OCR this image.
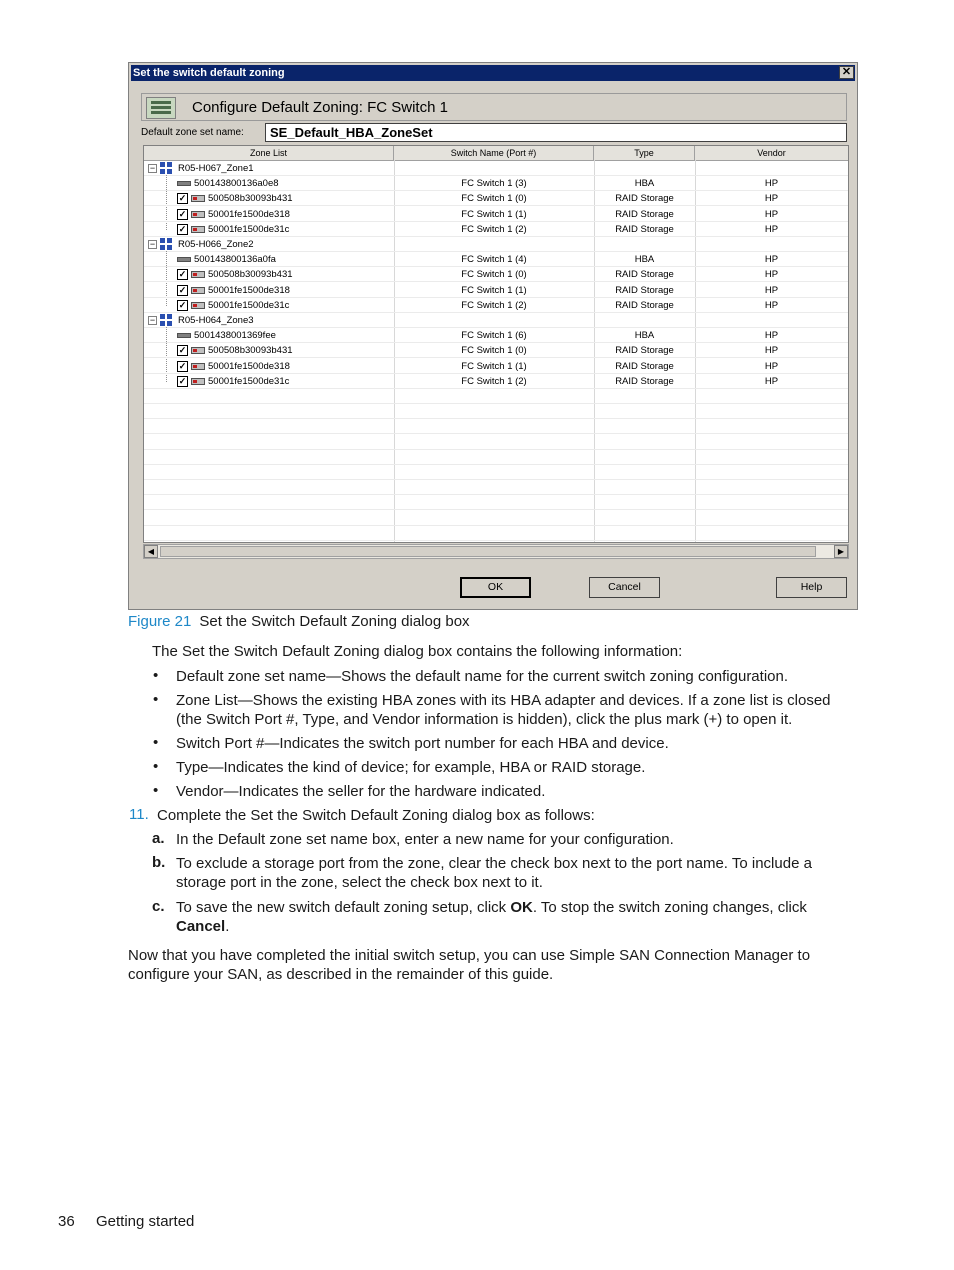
Set the switch default zoning	✕
Configure Default Zoning: FC Switch 1
Default zone set name:	SE_Default_HBA_ZoneSet
Zone List	Switch Name (Port #)	Type	Vendor
− R05-H067_Zone1
500143800136a0e8	FC Switch 1 (3)	HBA	HP
✓ 500508b30093b431	FC Switch 1 (0)	RAID Storage	HP
✓ 50001fe1500de318	FC Switch 1 (1)	RAID Storage	HP
✓ 50001fe1500de31c	FC Switch 1 (2)	RAID Storage	HP
− R05-H066_Zone2
500143800136a0fa	FC Switch 1 (4)	HBA	HP
✓ 500508b30093b431	FC Switch 1 (0)	RAID Storage	HP
✓ 50001fe1500de318	FC Switch 1 (1)	RAID Storage	HP
✓ 50001fe1500de31c	FC Switch 1 (2)	RAID Storage	HP
− R05-H064_Zone3
5001438001369fee	FC Switch 1 (6)	HBA	HP
✓ 500508b30093b431	FC Switch 1 (0)	RAID Storage	HP
✓ 50001fe1500de318	FC Switch 1 (1)	RAID Storage	HP
✓ 50001fe1500de31c	FC Switch 1 (2)	RAID Storage	HP
◀	▶
OK	Cancel	Help
Figure 21 Set the Switch Default Zoning dialog box
The Set the Switch Default Zoning dialog box contains the following information:
• Default zone set name—Shows the default name for the current switch zoning configuration.
• Zone List—Shows the existing HBA zones with its HBA adapter and devices. If a zone list is closed
(the Switch Port #, Type, and Vendor information is hidden), click the plus mark (+) to open it.
• Switch Port #—Indicates the switch port number for each HBA and device.
• Type—Indicates the kind of device; for example, HBA or RAID storage.
• Vendor—Indicates the seller for the hardware indicated.
11. Complete the Set the Switch Default Zoning dialog box as follows:
a. In the Default zone set name box, enter a new name for your configuration.
b. To exclude a storage port from the zone, clear the check box next to the port name. To include a
storage port in the zone, select the check box next to it.
c. To save the new switch default zoning setup, click OK. To stop the switch zoning changes, click
Cancel.
Now that you have completed the initial switch setup, you can use Simple SAN Connection Manager to
configure your SAN, as described in the remainder of this guide.
36 Getting started
